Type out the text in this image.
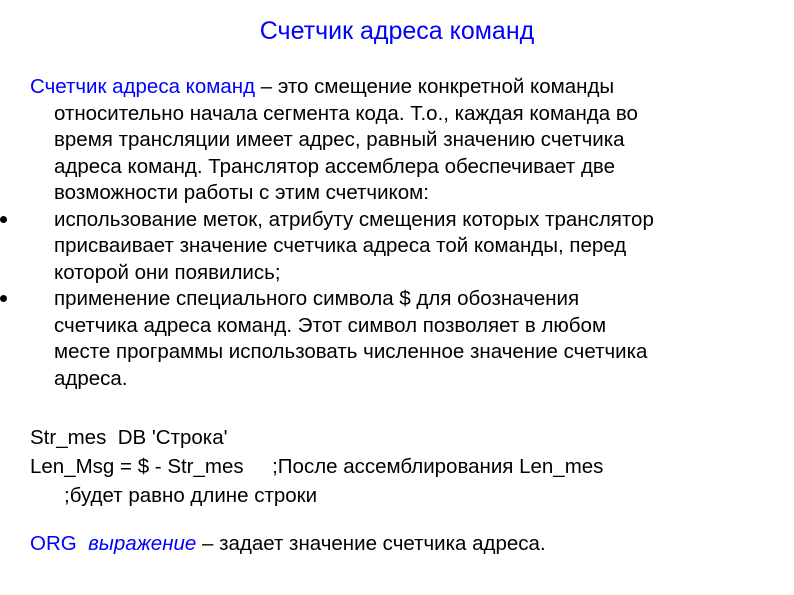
Счетчик адреса команд
Счетчик адреса команд – это смещение конкретной команды
относительно начала сегмента кода. Т.о., каждая команда во
время трансляции имеет адрес, равный значению счетчика
адреса команд. Транслятор ассемблера обеспечивает две
возможности работы с этим счетчиком:
использование меток, атрибуту смещения которых транслятор
присваивает значение счетчика адреса той команды, перед
которой они появились;
применение специального символа $ для обозначения
счетчика адреса команд. Этот символ позволяет в любом
месте программы использовать численное значение счетчика
адреса.
Str_mes  DB 'Строка'
Len_Msg = $ - Str_mes     ;После ассемблирования Len_mes
;будет равно длине строки
ORG выражение – задает значение счетчика адреса.
